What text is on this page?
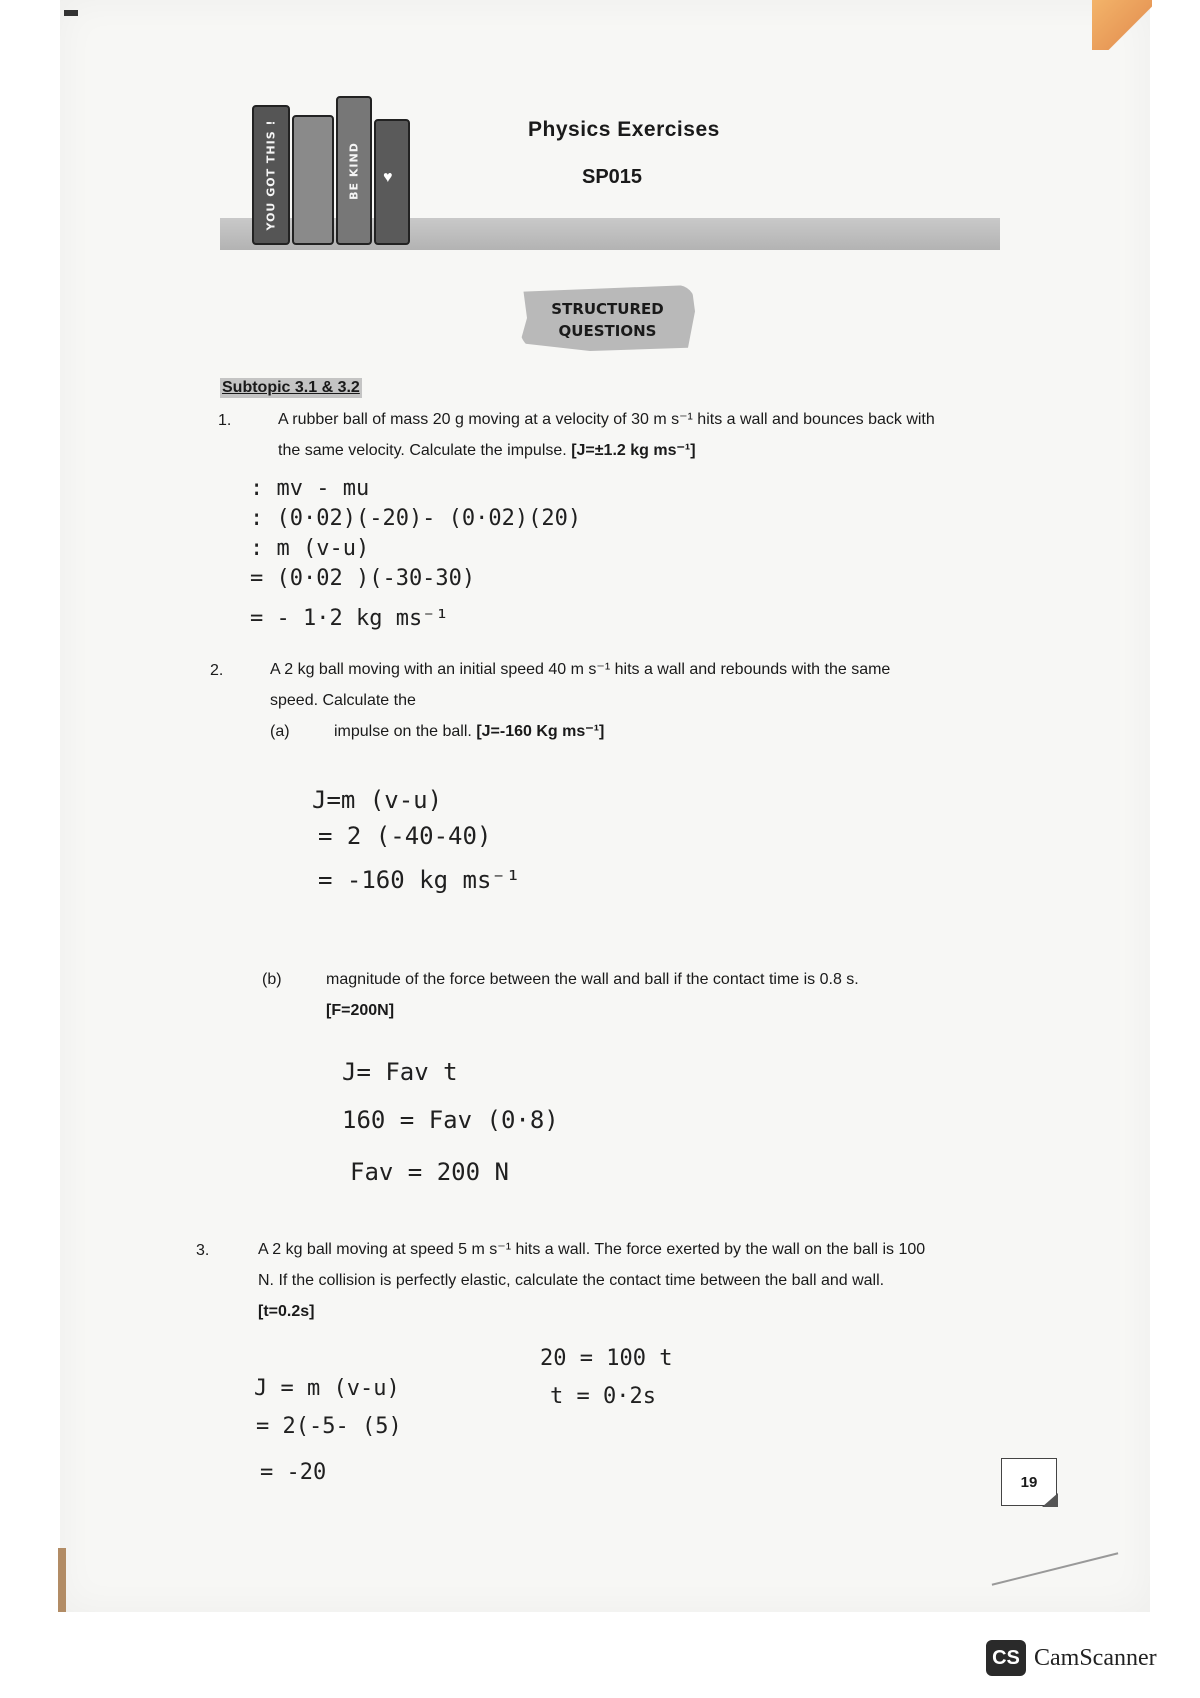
YOU GOT THIS !	BE KIND ♥
Physics Exercises
SP015
STRUCTURED
QUESTIONS
Subtopic 3.1 & 3.2
1.	A rubber ball of mass 20 g moving at a velocity of 30 m s⁻¹ hits a wall and bounces back with
the same velocity. Calculate the impulse. [J=±1.2 kg ms⁻¹]
: mv - mu
: (0·02)(-20)- (0·02)(20)
: m (v-u)
= (0·02 )(-30-30)
= - 1·2 kg ms⁻¹
2.	A 2 kg ball moving with an initial speed 40 m s⁻¹ hits a wall and rebounds with the same
speed. Calculate the
(a)	impulse on the ball. [J=-160 Kg ms⁻¹]
J=m (v-u)
= 2 (-40-40)
= -160 kg ms⁻¹
(b)	magnitude of the force between the wall and ball if the contact time is 0.8 s.
[F=200N]
J= Fav t
160 = Fav (0·8)
Fav = 200 N
3.	A 2 kg ball moving at speed 5 m s⁻¹ hits a wall. The force exerted by the wall on the ball is 100
N. If the collision is perfectly elastic, calculate the contact time between the ball and wall.
[t=0.2s]
J = m (v-u)
= 2(-5- (5)
= -20
20 = 100 t
t = 0·2s
19
CS CamScanner
